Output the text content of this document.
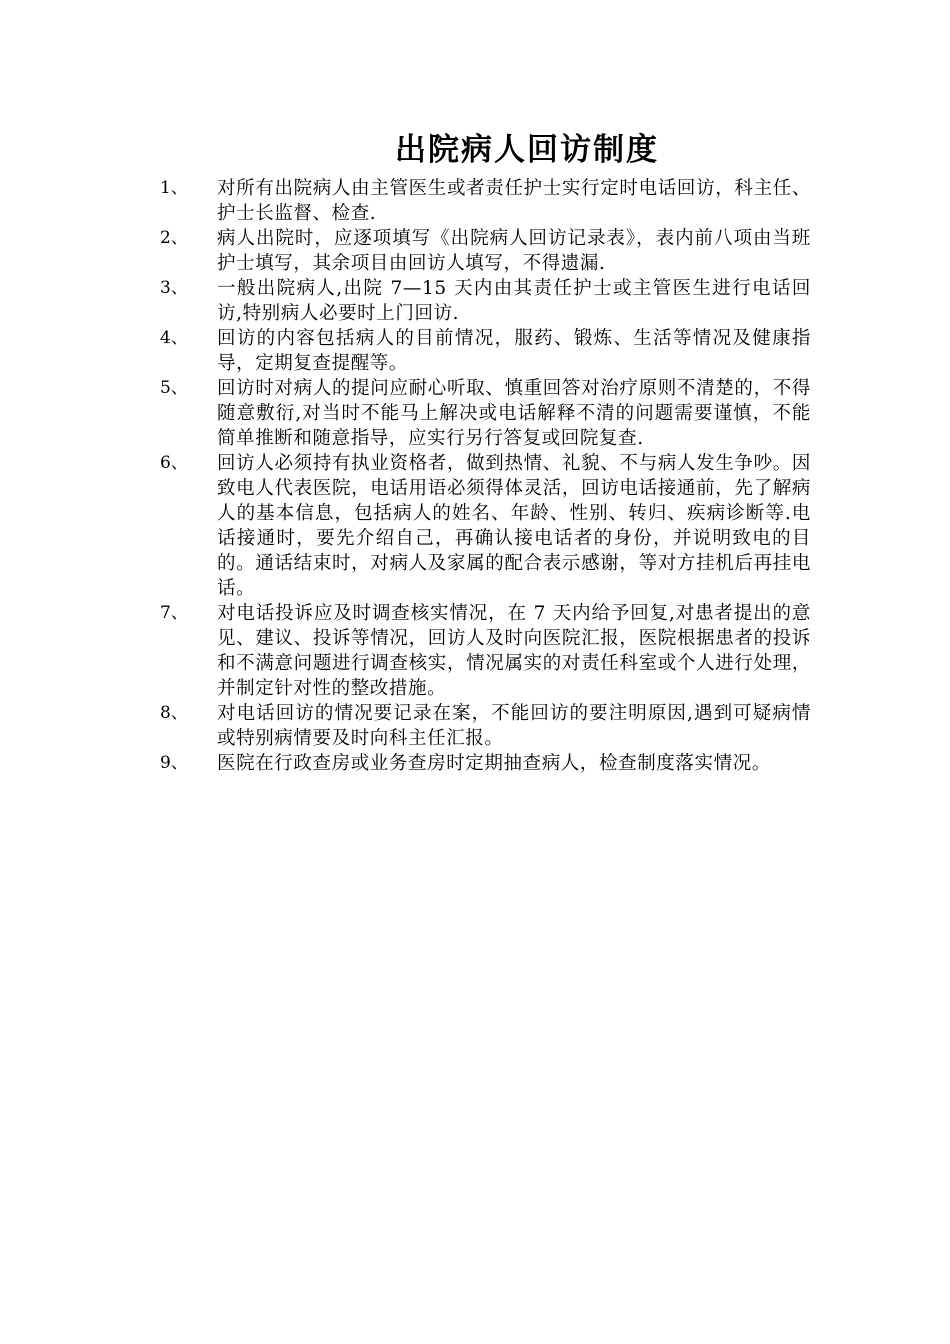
出院病人回访制度
1、	对所有出院病人由主管医生或者责任护士实行定时电话回访，科主任、护士长监督、检查.
2、	病人出院时，应逐项填写《出院病人回访记录表》，表内前八项由当班护士填写，其余项目由回访人填写，不得遗漏.
3、	一般出院病人,出院 7—15 天内由其责任护士或主管医生进行电话回访,特别病人必要时上门回访.
4、	回访的内容包括病人的目前情况，服药、锻炼、生活等情况及健康指导，定期复查提醒等。
5、	回访时对病人的提问应耐心听取、慎重回答对治疗原则不清楚的，不得随意敷衍,对当时不能马上解决或电话解释不清的问题需要谨慎，不能简单推断和随意指导，应实行另行答复或回院复查.
6、	回访人必须持有执业资格者，做到热情、礼貌、不与病人发生争吵。因致电人代表医院，电话用语必须得体灵活，回访电话接通前，先了解病人的基本信息，包括病人的姓名、年龄、性别、转归、疾病诊断等.电话接通时，要先介绍自己，再确认接电话者的身份，并说明致电的目的。通话结束时，对病人及家属的配合表示感谢，等对方挂机后再挂电话。
7、	对电话投诉应及时调查核实情况，在 7 天内给予回复,对患者提出的意见、建议、投诉等情况，回访人及时向医院汇报，医院根据患者的投诉和不满意问题进行调查核实，情况属实的对责任科室或个人进行处理，并制定针对性的整改措施。
8、	对电话回访的情况要记录在案，不能回访的要注明原因,遇到可疑病情或特别病情要及时向科主任汇报。
9、	医院在行政查房或业务查房时定期抽查病人，检查制度落实情况。
